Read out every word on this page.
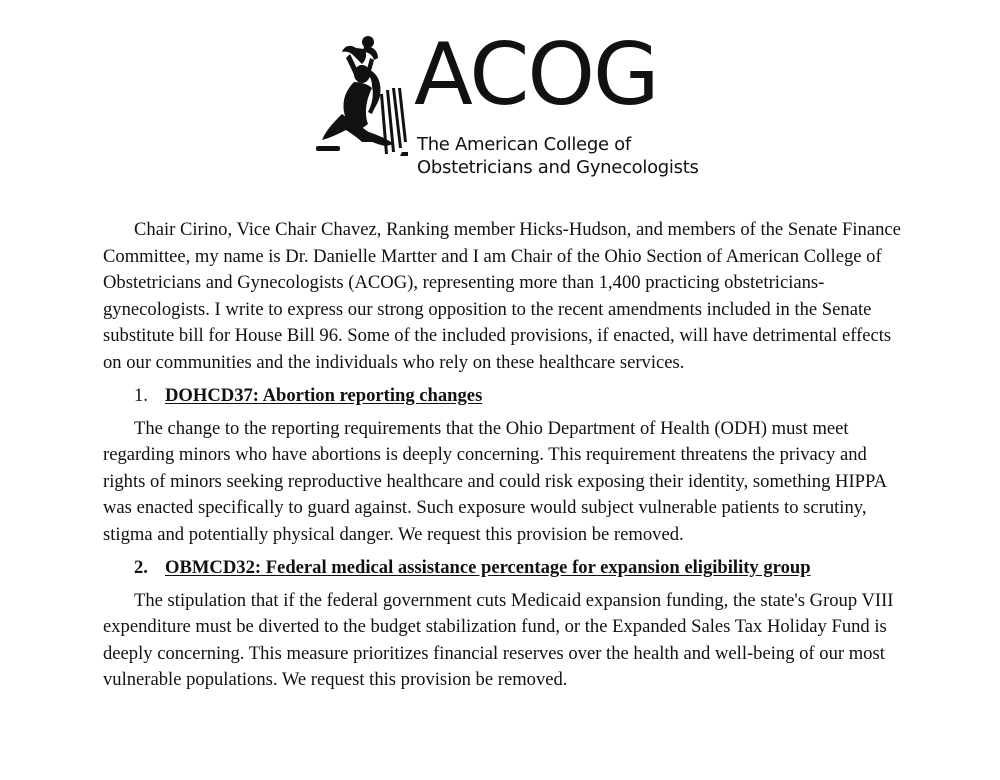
ACOG
The American College of
Obstetricians and Gynecologists

Chair Cirino, Vice Chair Chavez, Ranking member Hicks-Hudson, and members of the Senate Finance Committee, my name is Dr. Danielle Martter and I am Chair of the Ohio Section of American College of Obstetricians and Gynecologists (ACOG), representing more than 1,400 practicing obstetricians-gynecologists. I write to express our strong opposition to the recent amendments included in the Senate substitute bill for House Bill 96. Some of the included provisions, if enacted, will have detrimental effects on our communities and the individuals who rely on these healthcare services.

1. DOHCD37: Abortion reporting changes

The change to the reporting requirements that the Ohio Department of Health (ODH) must meet regarding minors who have abortions is deeply concerning. This requirement threatens the privacy and rights of minors seeking reproductive healthcare and could risk exposing their identity, something HIPPA was enacted specifically to guard against. Such exposure would subject vulnerable patients to scrutiny, stigma and potentially physical danger. We request this provision be removed.

2. OBMCD32: Federal medical assistance percentage for expansion eligibility group

The stipulation that if the federal government cuts Medicaid expansion funding, the state's Group VIII expenditure must be diverted to the budget stabilization fund, or the Expanded Sales Tax Holiday Fund is deeply concerning. This measure prioritizes financial reserves over the health and well-being of our most vulnerable populations. We request this provision be removed.
